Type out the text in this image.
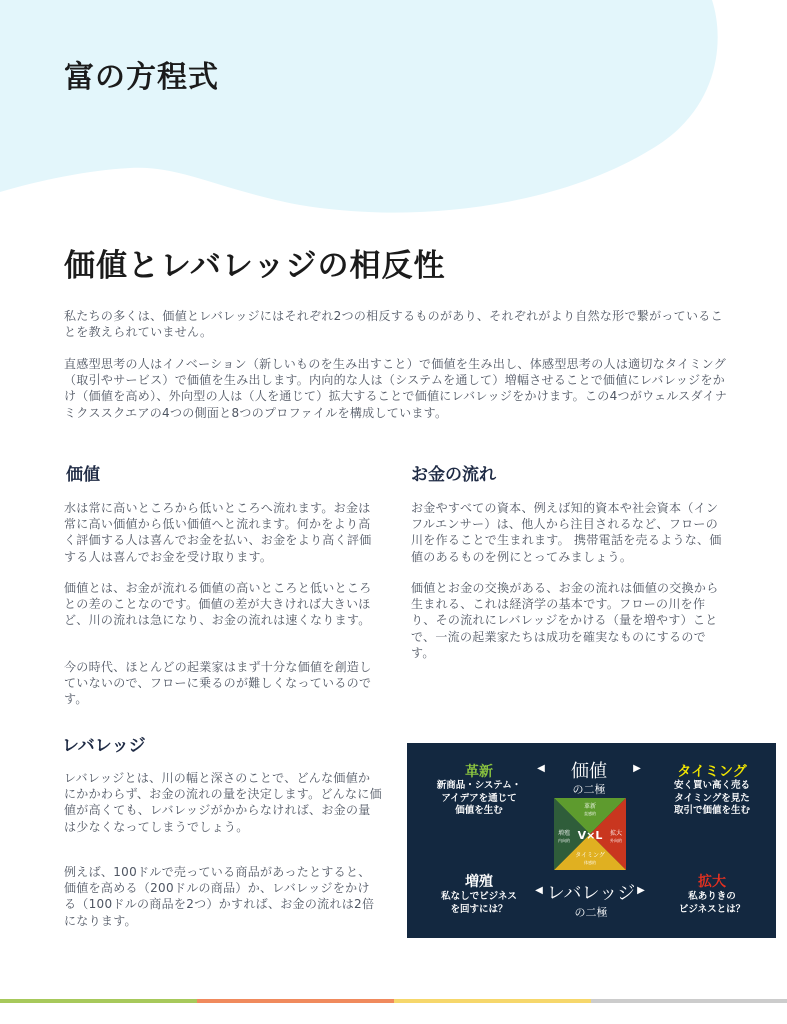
富の方程式
価値とレバレッジの相反性

私たちの多くは、価値とレバレッジにはそれぞれ2つの相反するものがあり、それぞれがより自然な形で繋がっていることを教えられていません。

直感型思考の人はイノベーション（新しいものを生み出すこと）で価値を生み出し、体感型思考の人は適切なタイミング（取引やサービス）で価値を生み出します。内向的な人は（システムを通して）増幅させることで価値にレバレッジをかけ（価値を高め）、外向型の人は（人を通じて）拡大することで価値にレバレッジをかけます。この4つがウェルスダイナミクススクエアの4つの側面と8つのプロファイルを構成しています。

価値

水は常に高いところから低いところへ流れます。お金は常に高い価値から低い価値へと流れます。何かをより高く評価する人は喜んでお金を払い、お金をより高く評価する人は喜んでお金を受け取ります。

価値とは、お金が流れる価値の高いところと低いところとの差のことなのです。価値の差が大きければ大きいほど、川の流れは急になり、お金の流れは速くなります。

今の時代、ほとんどの起業家はまず十分な価値を創造していないので、フローに乗るのが難しくなっているのです。

お金の流れ

お金やすべての資本、例えば知的資本や社会資本（インフルエンサー）は、他人から注目されるなど、フローの川を作ることで生まれます。 携帯電話を売るような、価値のあるものを例にとってみましょう。

価値とお金の交換がある、お金の流れは価値の交換から生まれる、これは経済学の基本です。フローの川を作り、その流れにレバレッジをかける（量を増やす）ことで、一流の起業家たちは成功を確実なものにするのです。

レバレッジ

レバレッジとは、川の幅と深さのことで、どんな価値かにかかわらず、お金の流れの量を決定します。どんなに価値が高くても、レバレッジがかからなければ、お金の量は少なくなってしまうでしょう。

例えば、100ドルで売っている商品があったとすると、価値を高める（200ドルの商品）か、レバレッジをかける（100ドルの商品を2つ）かすれば、お金の流れは2倍になります。

革新
新商品・システム・
アイデアを通じて
価値を生む
◀	価値
の二極
▶	タイミング
安く買い高く売る
タイミングを見た
取引で価値を生む
V×L
革新
直感的
増殖
内向的
拡大
外向的
タイミング
体感的
増殖
私なしでビジネス
を回すには？
◀ レバレッジ
の二極
▶
拡大
私ありきの
ビジネスとは？
